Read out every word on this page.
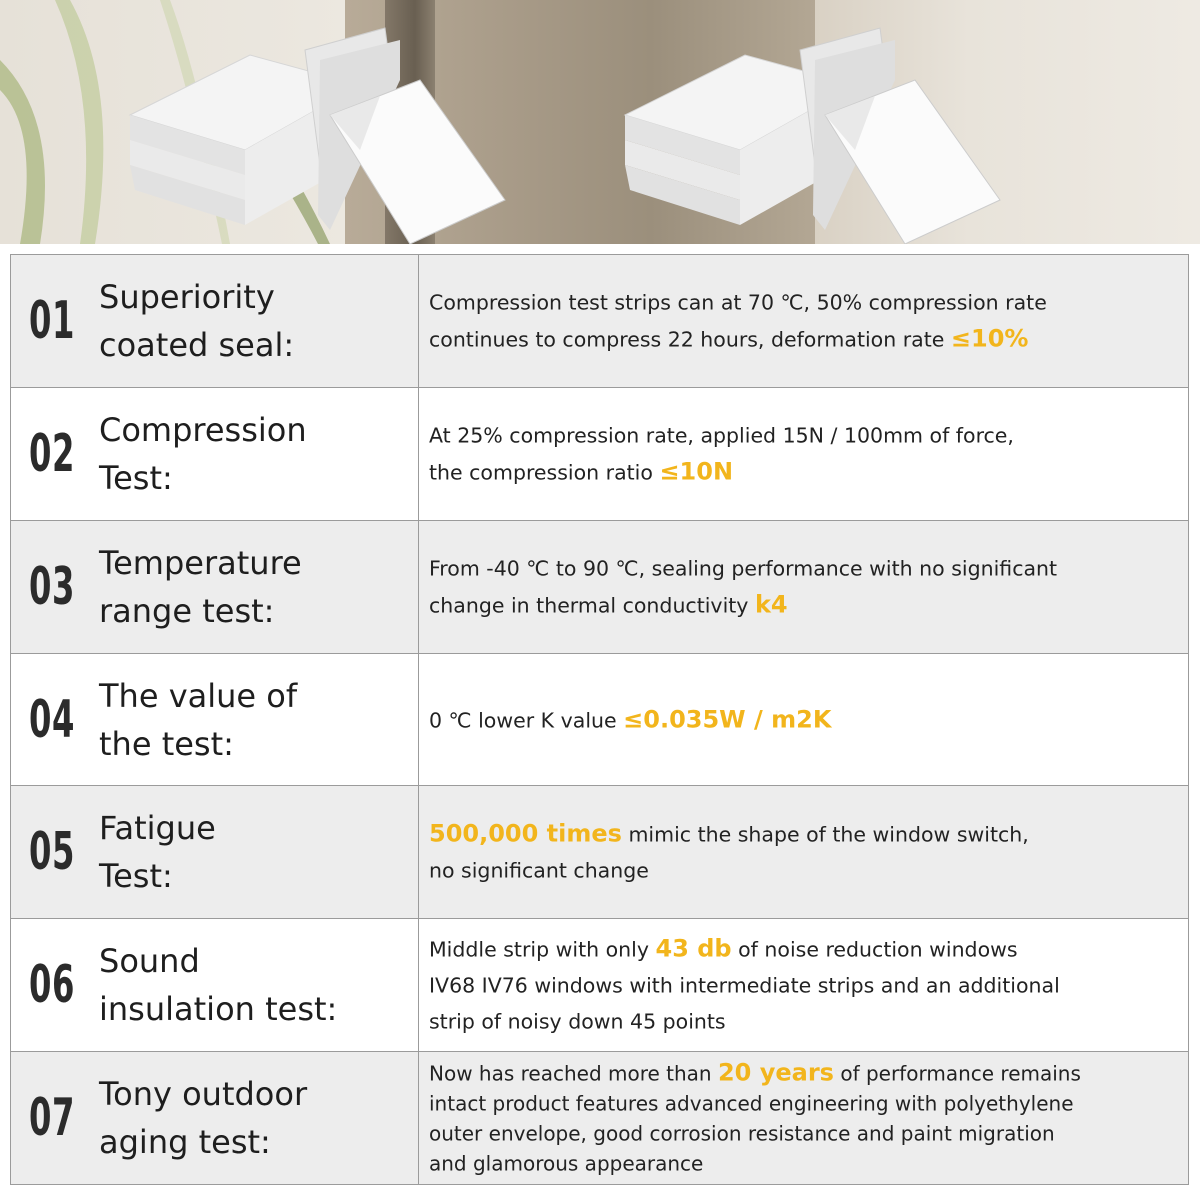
01 Superiority
coated seal:
Compression test strips can at 70 ℃, 50% compression rate
continues to compress 22 hours, deformation rate ≤10%
02 Compression
Test:
At 25% compression rate, applied 15N / 100mm of force,
the compression ratio ≤10N
03 Temperature
range test:
From -40 ℃ to 90 ℃, sealing performance with no significant
change in thermal conductivity k4
04 The value of
the test:
0 ℃ lower K value ≤0.035W / m2K
05 Fatigue
Test:
500,000 times mimic the shape of the window switch,
no significant change
06 Sound
insulation test:
Middle strip with only 43 db of noise reduction windows
IV68 IV76 windows with intermediate strips and an additional
strip of noisy down 45 points
07 Tony outdoor
aging test:
Now has reached more than 20 years of performance remains
intact product features advanced engineering with polyethylene
outer envelope, good corrosion resistance and paint migration
and glamorous appearance
